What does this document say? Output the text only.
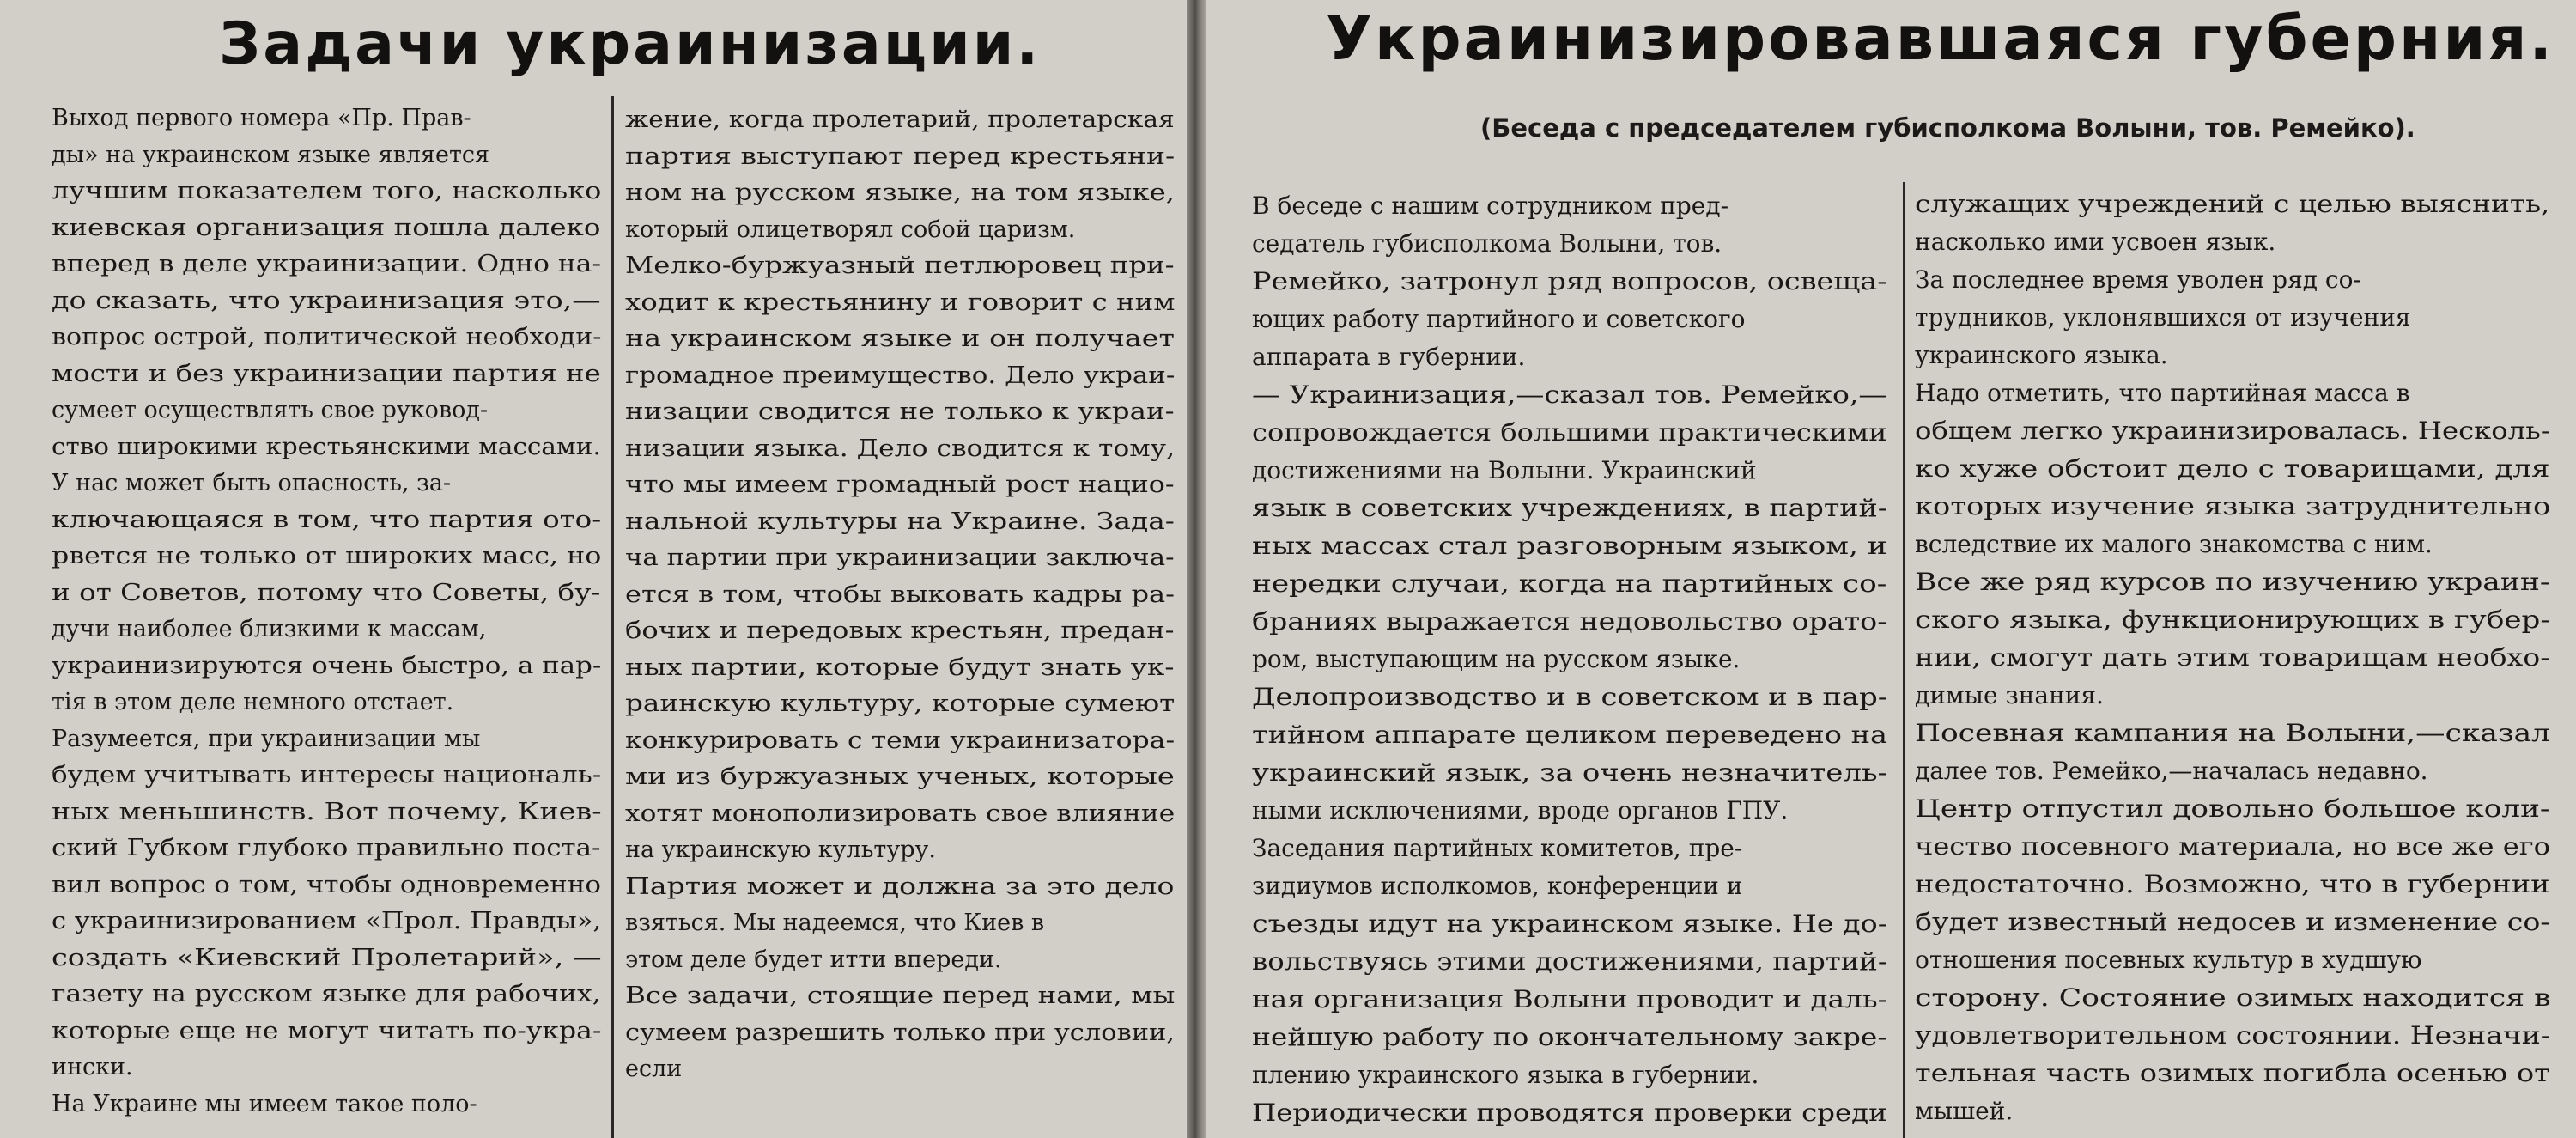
Задачи украинизации.
Выход первого номера «Пр. Прав-
ды» на украинском языке является
лучшим показателем того, насколько
киевская организация пошла далеко
вперед в деле украинизации. Одно на-
до сказать, что украинизация это,—
вопрос острой, политической необходи-
мости и без украинизации партия не
сумеет осуществлять свое руковод-
ство широкими крестьянскими массами.
У нас может быть опасность, за-
ключающаяся в том, что партия ото-
рвется не только от широких масс, но
и от Советов, потому что Советы, бу-
дучи наиболее близкими к массам,
украинизируются очень быстро, а пар-
тія в этом деле немного отстает.
Разумеется, при украинизации мы
будем учитывать интересы националь-
ных меньшинств. Вот почему, Киев-
ский Губком глубоко правильно поста-
вил вопрос о том, чтобы одновременно
с украинизированием «Прол. Правды»,
создать «Киевский Пролетарий», —
газету на русском языке для рабочих,
которые еще не могут читать по-укра-
ински.
На Украине мы имеем такое поло-
жение, когда пролетарий, пролетарская
партия выступают перед крестьяни-
ном на русском языке, на том языке,
который олицетворял собой царизм.
Мелко-буржуазный петлюровец при-
ходит к крестьянину и говорит с ним
на украинском языке и он получает
громадное преимущество. Дело украи-
низации сводится не только к украи-
низации языка. Дело сводится к тому,
что мы имеем громадный рост нацио-
нальной культуры на Украине. Зада-
ча партии при украинизации заключа-
ется в том, чтобы выковать кадры ра-
бочих и передовых крестьян, предан-
ных партии, которые будут знать ук-
раинскую культуру, которые сумеют
конкурировать с теми украинизатора-
ми из буржуазных ученых, которые
хотят монополизировать свое влияние
на украинскую культуру.
Партия может и должна за это дело
взяться. Мы надеемся, что Киев в
этом деле будет итти впереди.
Все задачи, стоящие перед нами, мы
сумеем разрешить только при условии,
если
Украинизировавшаяся губерния.
(Беседа с председателем губисполкома Волыни, тов. Ремейко).
В беседе с нашим сотрудником пред-
седатель губисполкома Волыни, тов.
Ремейко, затронул ряд вопросов, освеща-
ющих работу партийного и советского
аппарата в губернии.
— Украинизация,—сказал тов. Ремейко,—
сопровождается большими практическими
достижениями на Волыни. Украинский
язык в советских учреждениях, в партий-
ных массах стал разговорным языком, и
нередки случаи, когда на партийных со-
браниях выражается недовольство орато-
ром, выступающим на русском языке.
Делопроизводство и в советском и в пар-
тийном аппарате целиком переведено на
украинский язык, за очень незначитель-
ными исключениями, вроде органов ГПУ.
Заседания партийных комитетов, пре-
зидиумов исполкомов, конференции и
съезды идут на украинском языке. Не до-
вольствуясь этими достижениями, партий-
ная организация Волыни проводит и даль-
нейшую работу по окончательному закре-
плению украинского языка в губернии.
Периодически проводятся проверки среди
служащих учреждений с целью выяснить,
насколько ими усвоен язык.
За последнее время уволен ряд со-
трудников, уклонявшихся от изучения
украинского языка.
Надо отметить, что партийная масса в
общем легко украинизировалась. Несколь-
ко хуже обстоит дело с товарищами, для
которых изучение языка затруднительно
вследствие их малого знакомства с ним.
Все же ряд курсов по изучению украин-
ского языка, функционирующих в губер-
нии, смогут дать этим товарищам необхо-
димые знания.
Посевная кампания на Волыни,—сказал
далее тов. Ремейко,—началась недавно.
Центр отпустил довольно большое коли-
чество посевного материала, но все же его
недостаточно. Возможно, что в губернии
будет известный недосев и изменение со-
отношения посевных культур в худшую
сторону. Состояние озимых находится в
удовлетворительном состоянии. Незначи-
тельная часть озимых погибла осенью от
мышей.
